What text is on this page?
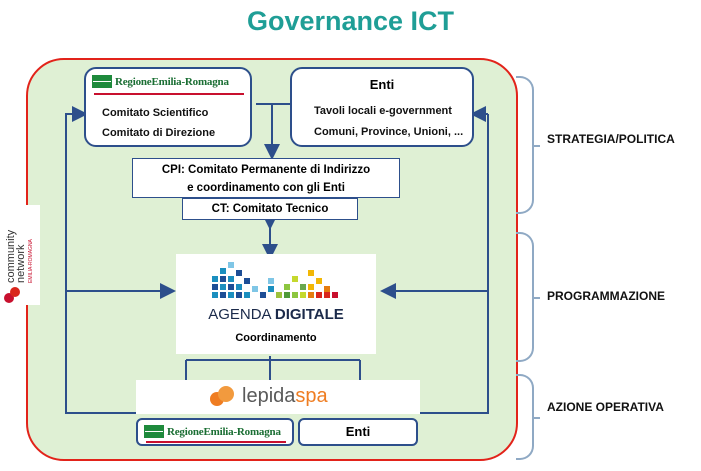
Governance ICT
RegioneEmilia-Romagna
Comitato Scientifico
Comitato di Direzione
Enti
Tavoli locali e-government
Comuni, Province, Unioni, ...
CPI: Comitato Permanente di Indirizzo
e coordinamento con gli Enti
CT: Comitato Tecnico
AGENDA DIGITALE
Coordinamento
lepidaspa
RegioneEmilia-Romagna	Enti
community
network EMILIA-ROMAGNA
STRATEGIA/POLITICA
PROGRAMMAZIONE
AZIONE OPERATIVA
